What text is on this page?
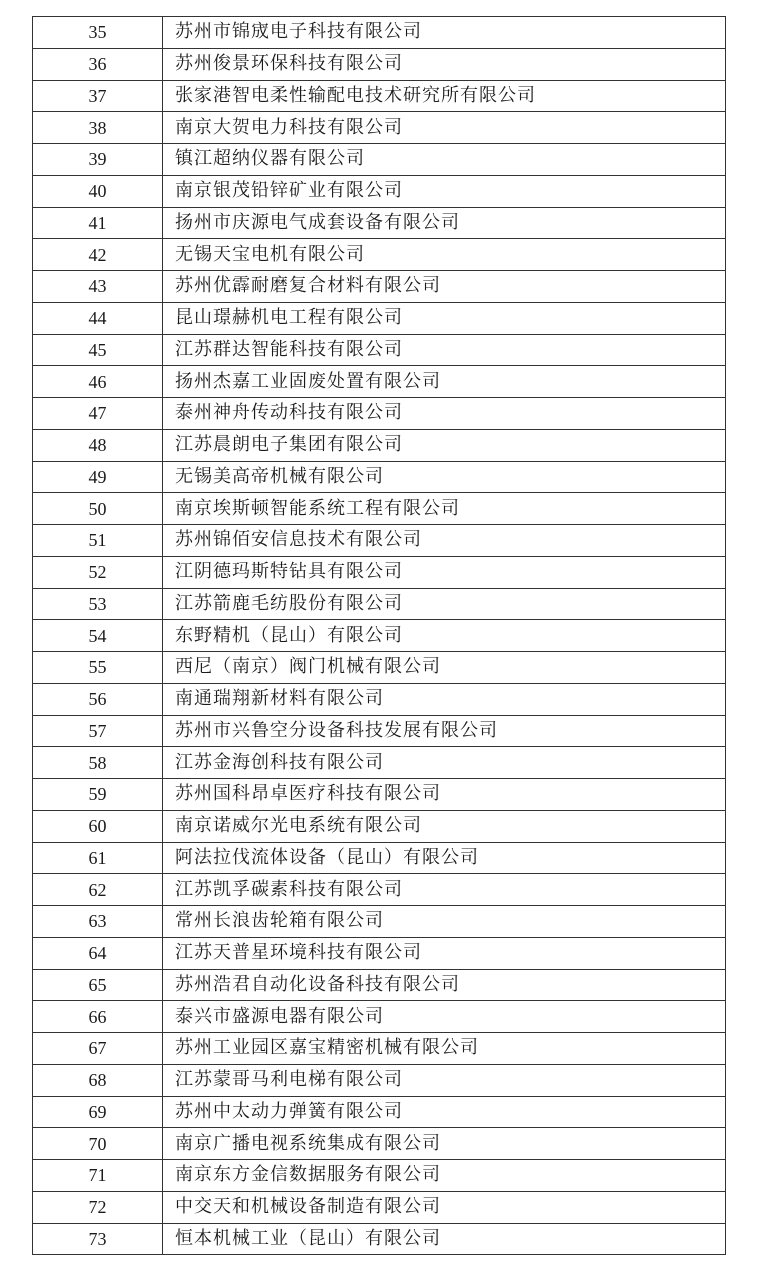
35	苏州市锦宬电子科技有限公司
36	苏州俊景环保科技有限公司
37	张家港智电柔性输配电技术研究所有限公司
38	南京大贺电力科技有限公司
39	镇江超纳仪器有限公司
40	南京银茂铅锌矿业有限公司
41	扬州市庆源电气成套设备有限公司
42	无锡天宝电机有限公司
43	苏州优霹耐磨复合材料有限公司
44	昆山璟赫机电工程有限公司
45	江苏群达智能科技有限公司
46	扬州杰嘉工业固废处置有限公司
47	泰州神舟传动科技有限公司
48	江苏晨朗电子集团有限公司
49	无锡美高帝机械有限公司
50	南京埃斯顿智能系统工程有限公司
51	苏州锦佰安信息技术有限公司
52	江阴德玛斯特钻具有限公司
53	江苏箭鹿毛纺股份有限公司
54	东野精机（昆山）有限公司
55	西尼（南京）阀门机械有限公司
56	南通瑞翔新材料有限公司
57	苏州市兴鲁空分设备科技发展有限公司
58	江苏金海创科技有限公司
59	苏州国科昂卓医疗科技有限公司
60	南京诺威尔光电系统有限公司
61	阿法拉伐流体设备（昆山）有限公司
62	江苏凯孚碳素科技有限公司
63	常州长浪齿轮箱有限公司
64	江苏天普星环境科技有限公司
65	苏州浩君自动化设备科技有限公司
66	泰兴市盛源电器有限公司
67	苏州工业园区嘉宝精密机械有限公司
68	江苏蒙哥马利电梯有限公司
69	苏州中太动力弹簧有限公司
70	南京广播电视系统集成有限公司
71	南京东方金信数据服务有限公司
72	中交天和机械设备制造有限公司
73	恒本机械工业（昆山）有限公司
